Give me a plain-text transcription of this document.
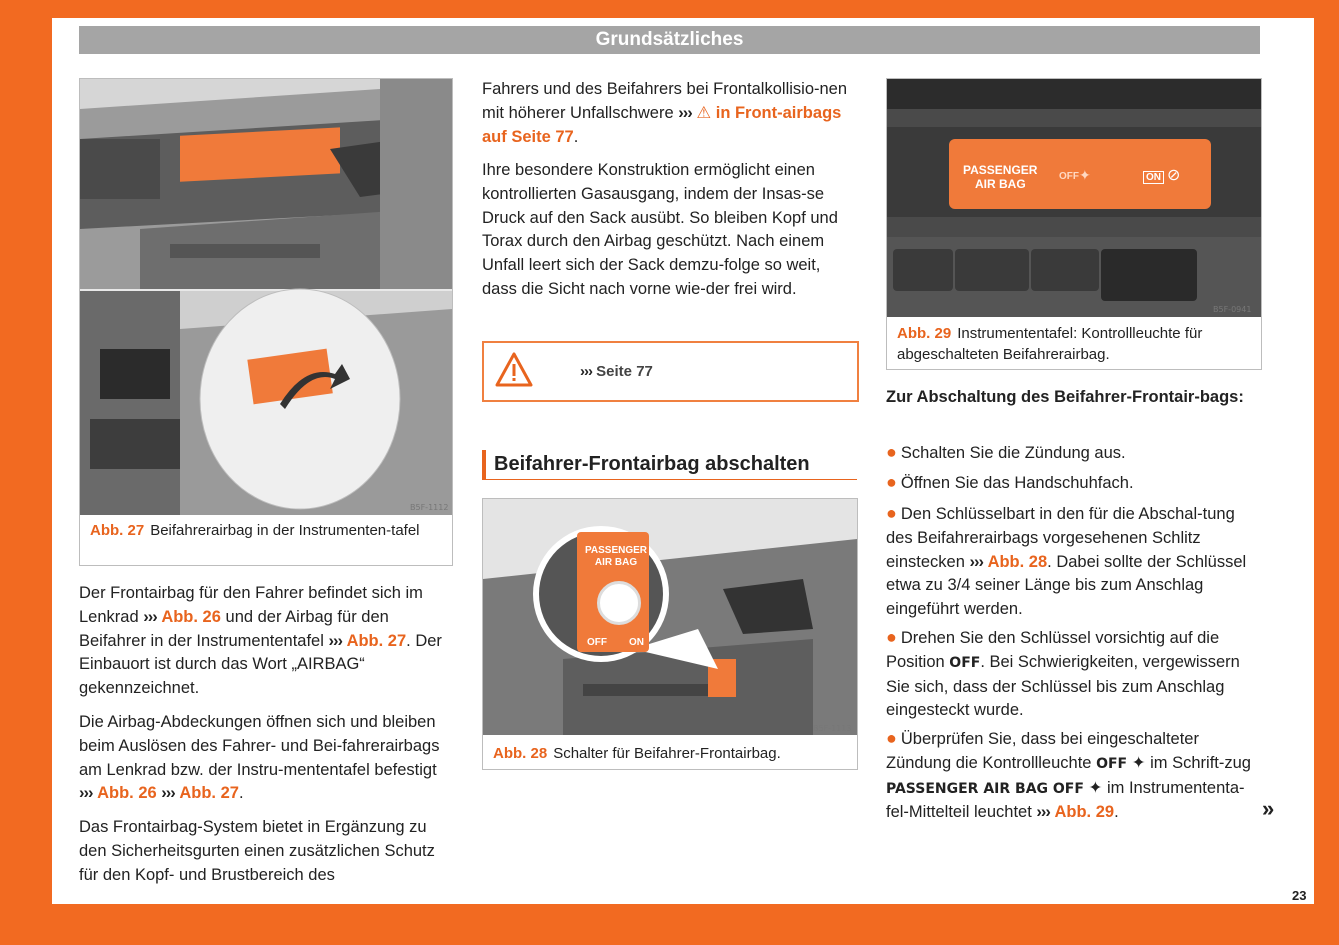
Grundsätzliches
B5F-1112
Abb. 27 Beifahrerairbag in der Instrumenten-tafel

Der Frontairbag für den Fahrer befindet sich im Lenkrad ››› Abb. 26 und der Airbag für den Beifahrer in der Instrumententafel ››› Abb. 27. Der Einbauort ist durch das Wort „AIRBAG“ gekennzeichnet.

Die Airbag-Abdeckungen öffnen sich und bleiben beim Auslösen des Fahrer- und Bei-fahrerairbags am Lenkrad bzw. der Instru-mententafel befestigt ››› Abb. 26 ››› Abb. 27.

Das Frontairbag-System bietet in Ergänzung zu den Sicherheitsgurten einen zusätzlichen Schutz für den Kopf- und Brustbereich des

Fahrers und des Beifahrers bei Frontalkollisio-nen mit höherer Unfallschwere ››› ⚠ in Front-airbags auf Seite 77.

Ihre besondere Konstruktion ermöglicht einen kontrollierten Gasausgang, indem der Insas-se Druck auf den Sack ausübt. So bleiben Kopf und Torax durch den Airbag geschützt. Nach einem Unfall leert sich der Sack demzu-folge so weit, dass die Sicht nach vorne wie-der frei wird.

››› Seite 77
Beifahrer-Frontairbag abschalten
PASSENGER
AIR BAG
OFF ON
B5F-1113
Abb. 28 Schalter für Beifahrer-Frontairbag.
PASSENGER
AIR BAG
OFF ✦	ON ⊘
B5F-0941
Abb. 29 Instrumententafel: Kontrollleuchte für abgeschalteten Beifahrerairbag.
Zur Abschaltung des Beifahrer-Frontair-bags:
● Schalten Sie die Zündung aus.
● Öffnen Sie das Handschuhfach.
● Den Schlüsselbart in den für die Abschal-tung des Beifahrerairbags vorgesehenen Schlitz einstecken ››› Abb. 28. Dabei sollte der Schlüssel etwa zu 3/4 seiner Länge bis zum Anschlag eingeführt werden.
● Drehen Sie den Schlüssel vorsichtig auf die Position OFF. Bei Schwierigkeiten, vergewissern Sie sich, dass der Schlüssel bis zum Anschlag eingesteckt wurde.
● Überprüfen Sie, dass bei eingeschalteter Zündung die Kontrollleuchte OFF ✦ im Schrift-zug PASSENGER AIR BAG OFF ✦ im Instrumententa-fel-Mittelteil leuchtet ››› Abb. 29.	»
23
